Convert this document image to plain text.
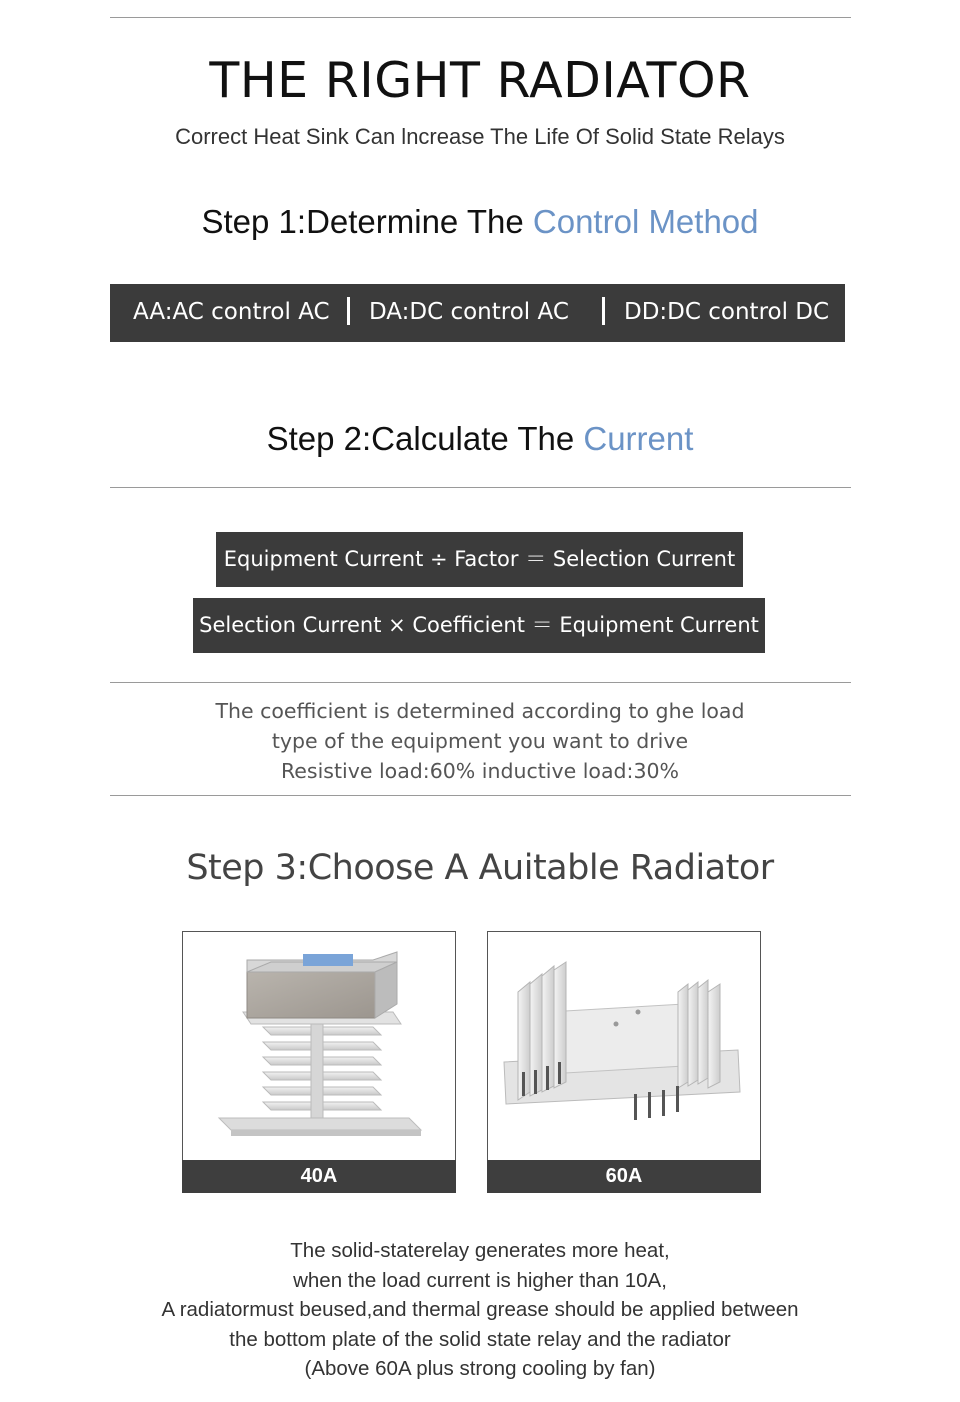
THE RIGHT RADIATOR
Correct Heat Sink Can lncrease The Life Of Solid State Relays
Step 1:Determine The Control Method
AA:AC control AC DA:DC control AC DD:DC control DC
Step 2:Calculate The Current
Equipment Current ÷ Factor ＝ Selection Current
Selection Current × Coefficient ＝ Equipment Current
The coefficient is determined according to ghe load
type of the equipment you want to drive
Resistive load:60% inductive load:30%
Step 3:Choose A Auitable Radiator
40A	60A
The solid-staterelay generates more heat,
when the load current is higher than 10A,
A radiatormust beused,and thermal grease should be applied between
the bottom plate of the solid state relay and the radiator
(Above 60A plus strong cooling by fan)
